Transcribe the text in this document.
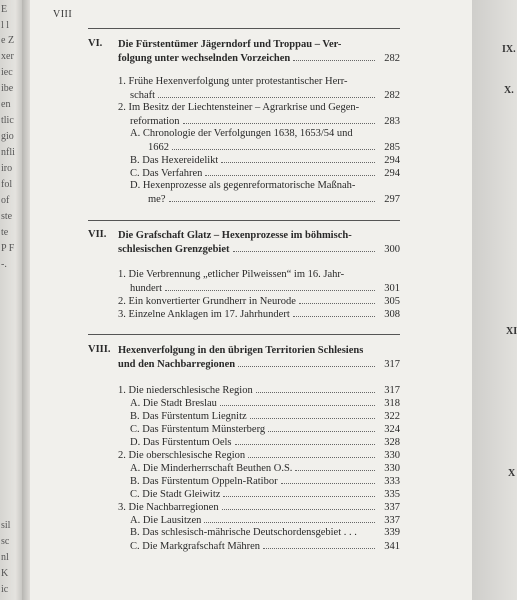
E
l l
e Z
xer
iec
ibe
en
tlic
gio
nfli
iro
fol
of
ste
te
P F
-.
sil
sc
nl
K
ic
IX.
X.
XI
X
VIII
VI. Die Fürstentümer Jägerndorf und Troppau – Ver-
folgung unter wechselnden Vorzeichen	282
1. Frühe Hexenverfolgung unter protestantischer Herr-
schaft	282
2. Im Besitz der Liechtensteiner – Agrarkrise und Gegen-
reformation	283
A. Chronologie der Verfolgungen 1638, 1653/54 und
1662	285
B. Das Hexereidelikt	294
C. Das Verfahren	294
D. Hexenprozesse als gegenreformatorische Maßnah-
me?	297
VII. Die Grafschaft Glatz – Hexenprozesse im böhmisch-
schlesischen Grenzgebiet	300
1. Die Verbrennung „etlicher Pilweissen“ im 16. Jahr-
hundert	301
2. Ein konvertierter Grundherr in Neurode	305
3. Einzelne Anklagen im 17. Jahrhundert	308
VIII. Hexenverfolgung in den übrigen Territorien Schlesiens
und den Nachbarregionen	317
1. Die niederschlesische Region	317
A. Die Stadt Breslau	318
B. Das Fürstentum Liegnitz	322
C. Das Fürstentum Münsterberg	324
D. Das Fürstentum Oels	328
2. Die oberschlesische Region	330
A. Die Minderherrschaft Beuthen O.S.	330
B. Das Fürstentum Oppeln-Ratibor	333
C. Die Stadt Gleiwitz	335
3. Die Nachbarregionen	337
A. Die Lausitzen	337
B. Das schlesisch-mährische Deutschordensgebiet . . .	339
C. Die Markgrafschaft Mähren	341
